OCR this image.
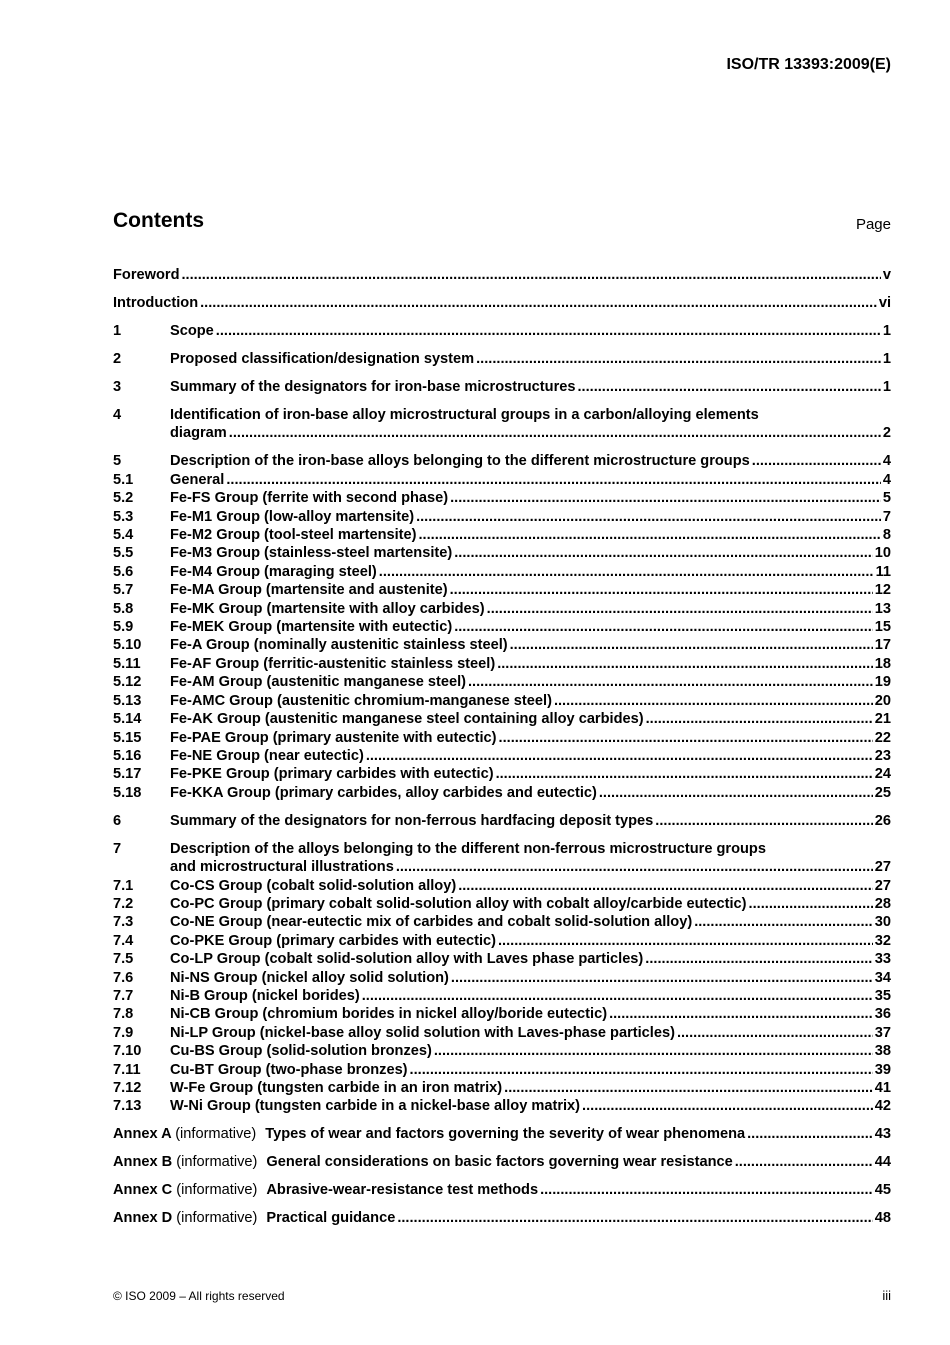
ISO/TR 13393:2009(E)
Contents	Page
Foreword .....	v
Introduction .....	vi
1	Scope .....	1
2	Proposed classification/designation system .....	1
3	Summary of the designators for iron-base microstructures .....	1
4	Identification of iron-base alloy microstructural groups in a carbon/alloying elements
diagram .....	2
5	Description of the iron-base alloys belonging to the different microstructure groups .....	4
5.1	General .....	4
5.2	Fe-FS Group (ferrite with second phase) .....	5
5.3	Fe-M1 Group (low-alloy martensite) .....	7
5.4	Fe-M2 Group (tool-steel martensite) .....	8
5.5	Fe-M3 Group (stainless-steel martensite) .....	10
5.6	Fe-M4 Group (maraging steel) .....	11
5.7	Fe-MA Group (martensite and austenite) .....	12
5.8	Fe-MK Group (martensite with alloy carbides) .....	13
5.9	Fe-MEK Group (martensite with eutectic) .....	15
5.10 Fe-A Group (nominally austenitic stainless steel) .....	17
5.11 Fe-AF Group (ferritic-austenitic stainless steel) .....	18
5.12 Fe-AM Group (austenitic manganese steel) .....	19
5.13 Fe-AMC Group (austenitic chromium-manganese steel) .....	20
5.14 Fe-AK Group (austenitic manganese steel containing alloy carbides) .....	21
5.15 Fe-PAE Group (primary austenite with eutectic) .....	22
5.16 Fe-NE Group (near eutectic) .....	23
5.17 Fe-PKE Group (primary carbides with eutectic) .....	24
5.18 Fe-KKA Group (primary carbides, alloy carbides and eutectic) .....	25
6	Summary of the designators for non-ferrous hardfacing deposit types .....	26
7	Description of the alloys belonging to the different non-ferrous microstructure groups
and microstructural illustrations .....	27
7.1	Co-CS Group (cobalt solid-solution alloy) .....	27
7.2	Co-PC Group (primary cobalt solid-solution alloy with cobalt alloy/carbide eutectic) .....	28
7.3	Co-NE Group (near-eutectic mix of carbides and cobalt solid-solution alloy) .....	30
7.4	Co-PKE Group (primary carbides with eutectic) .....	32
7.5	Co-LP Group (cobalt solid-solution alloy with Laves phase particles) .....	33
7.6	Ni-NS Group (nickel alloy solid solution) .....	34
7.7	Ni-B Group (nickel borides) .....	35
7.8	Ni-CB Group (chromium borides in nickel alloy/boride eutectic) .....	36
7.9	Ni-LP Group (nickel-base alloy solid solution with Laves-phase particles) .....	37
7.10 Cu-BS Group (solid-solution bronzes) .....	38
7.11 Cu-BT Group (two-phase bronzes) .....	39
7.12 W-Fe Group (tungsten carbide in an iron matrix) .....	41
7.13 W-Ni Group (tungsten carbide in a nickel-base alloy matrix) .....	42
Annex A (informative) Types of wear and factors governing the severity of wear phenomena .....	43
Annex B (informative) General considerations on basic factors governing wear resistance .....	44
Annex C (informative) Abrasive-wear-resistance test methods .....	45
Annex D (informative) Practical guidance .....	48
© ISO 2009 – All rights reserved	iii
